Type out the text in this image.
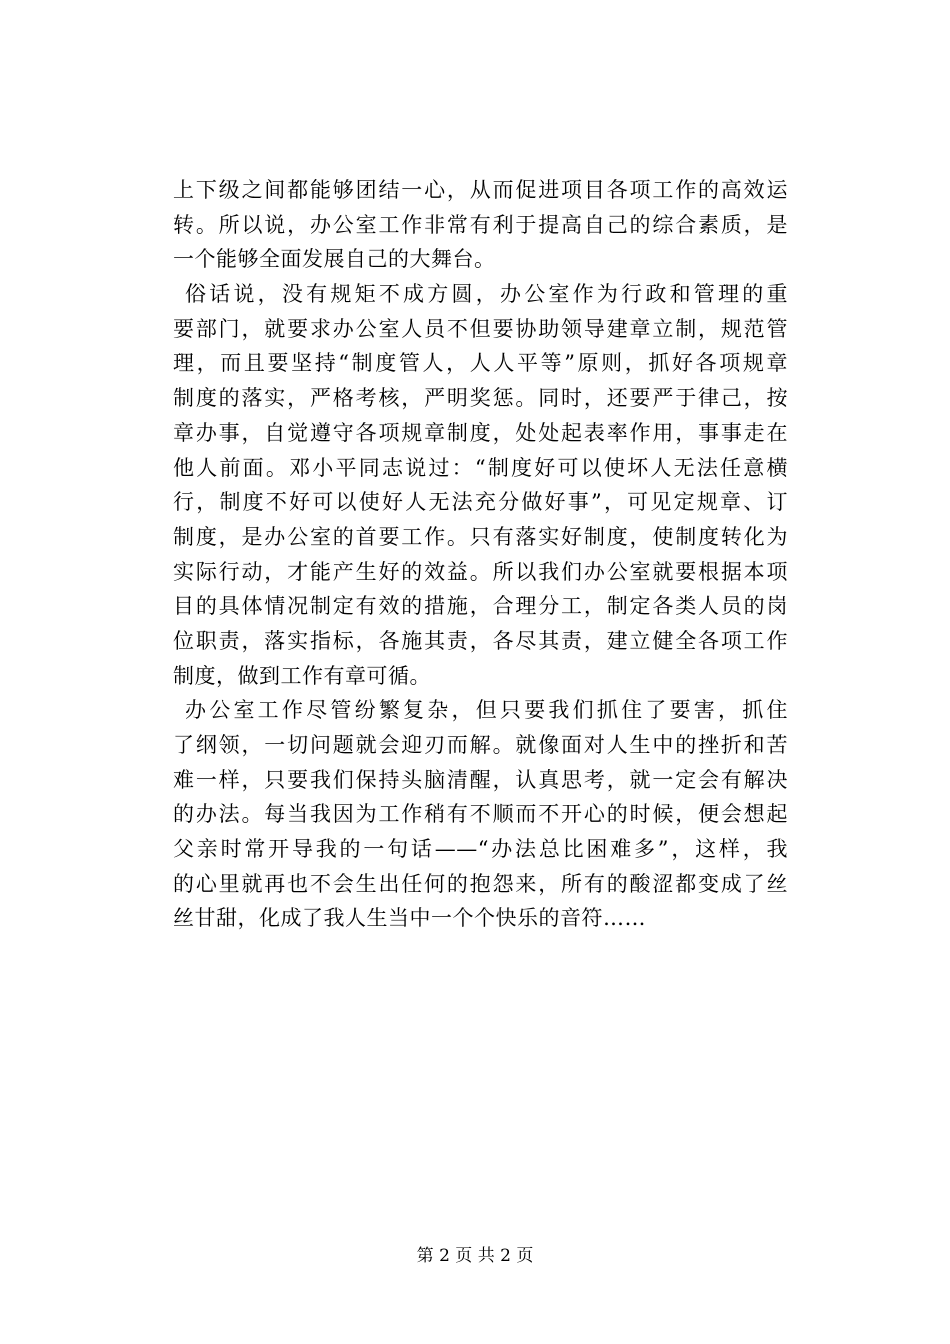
上下级之间都能够团结一心，从而促进项目各项工作的高效运
转。所以说，办公室工作非常有利于提高自己的综合素质，是
一个能够全面发展自己的大舞台。
俗话说，没有规矩不成方圆，办公室作为行政和管理的重
要部门，就要求办公室人员不但要协助领导建章立制，规范管
理，而且要坚持“制度管人，人人平等”原则，抓好各项规章
制度的落实，严格考核，严明奖惩。同时，还要严于律己，按
章办事，自觉遵守各项规章制度，处处起表率作用，事事走在
他人前面。邓小平同志说过：“制度好可以使坏人无法任意横
行，制度不好可以使好人无法充分做好事”，可见定规章、订
制度，是办公室的首要工作。只有落实好制度，使制度转化为
实际行动，才能产生好的效益。所以我们办公室就要根据本项
目的具体情况制定有效的措施，合理分工，制定各类人员的岗
位职责，落实指标，各施其责，各尽其责，建立健全各项工作
制度，做到工作有章可循。
办公室工作尽管纷繁复杂，但只要我们抓住了要害，抓住
了纲领，一切问题就会迎刃而解。就像面对人生中的挫折和苦
难一样，只要我们保持头脑清醒，认真思考，就一定会有解决
的办法。每当我因为工作稍有不顺而不开心的时候，便会想起
父亲时常开导我的一句话——“办法总比困难多”，这样，我
的心里就再也不会生出任何的抱怨来，所有的酸涩都变成了丝
丝甘甜，化成了我人生当中一个个快乐的音符……
第 2 页 共 2 页
